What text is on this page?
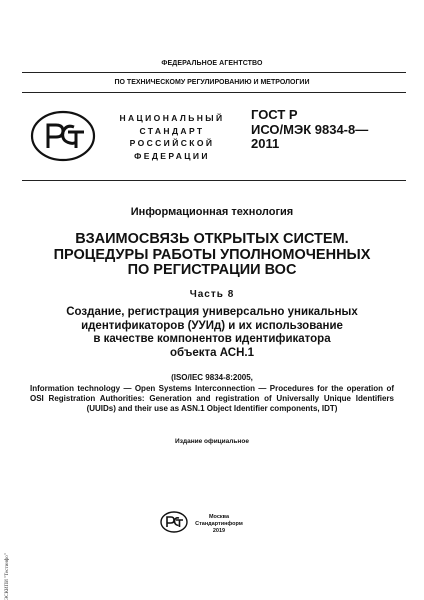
ФЕДЕРАЛЬНОЕ АГЕНТСТВО
ПО ТЕХНИЧЕСКОМУ РЕГУЛИРОВАНИЮ И МЕТРОЛОГИИ
НАЦИОНАЛЬНЫЙ
СТАНДАРТ
РОССИЙСКОЙ
ФЕДЕРАЦИИ
ГОСТ Р
ИСО/МЭК 9834-8—
2011
Информационная технология
ВЗАИМОСВЯЗЬ ОТКРЫТЫХ СИСТЕМ.
ПРОЦЕДУРЫ РАБОТЫ УПОЛНОМОЧЕННЫХ
ПО РЕГИСТРАЦИИ ВОС
Часть 8
Создание, регистрация универсально уникальных
идентификаторов (УУИд) и их использование
в качестве компонентов идентификатора
объекта АСН.1
(ISO/IEC 9834-8:2005,
Information technology — Open Systems Interconnection — Procedures for the operation of OSI Registration Authorities: Generation and registration of Universally Unique Identifiers (UUIDs) and their use as ASN.1 Object Identifier components, IDT)
Издание официальное
Москва
Стандартинформ
2019
ЭСКИПИ "Тестинфо"
